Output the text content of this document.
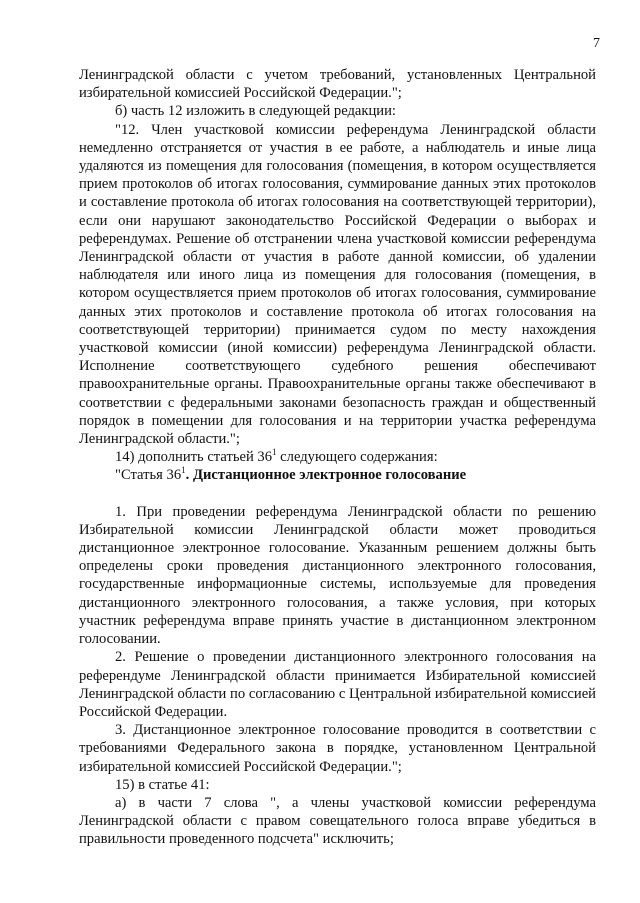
7

Ленинградской области с учетом требований, установленных Центральной избирательной комиссией Российской Федерации.";

б) часть 12 изложить в следующей редакции:

"12. Член участковой комиссии референдума Ленинградской области немедленно отстраняется от участия в ее работе, а наблюдатель и иные лица удаляются из помещения для голосования (помещения, в котором осуществляется прием протоколов об итогах голосования, суммирование данных этих протоколов и составление протокола об итогах голосования на соответствующей территории), если они нарушают законодательство Российской Федерации о выборах и референдумах. Решение об отстранении члена участковой комиссии референдума Ленинградской области от участия в работе данной комиссии, об удалении наблюдателя или иного лица из помещения для голосования (помещения, в котором осуществляется прием протоколов об итогах голосования, суммирование данных этих протоколов и составление протокола об итогах голосования на соответствующей территории) принимается судом по месту нахождения участковой комиссии (иной комиссии) референдума Ленинградской области. Исполнение соответствующего судебного решения обеспечивают правоохранительные органы. Правоохранительные органы также обеспечивают в соответствии с федеральными законами безопасность граждан и общественный порядок в помещении для голосования и на территории участка референдума Ленинградской области.";

14) дополнить статьей $36^1$ следующего содержания:

"Статья $36^1$. Дистанционное электронное голосование

1. При проведении референдума Ленинградской области по решению Избирательной комиссии Ленинградской области может проводиться дистанционное электронное голосование. Указанным решением должны быть определены сроки проведения дистанционного электронного голосования, государственные информационные системы, используемые для проведения дистанционного электронного голосования, а также условия, при которых участник референдума вправе принять участие в дистанционном электронном голосовании.

2. Решение о проведении дистанционного электронного голосования на референдуме Ленинградской области принимается Избирательной комиссией Ленинградской области по согласованию с Центральной избирательной комиссией Российской Федерации.

3. Дистанционное электронное голосование проводится в соответствии с требованиями Федерального закона в порядке, установленном Центральной избирательной комиссией Российской Федерации.";

15) в статье 41:

а) в части 7 слова ", а члены участковой комиссии референдума Ленинградской области с правом совещательного голоса вправе убедиться в правильности проведенного подсчета" исключить;
